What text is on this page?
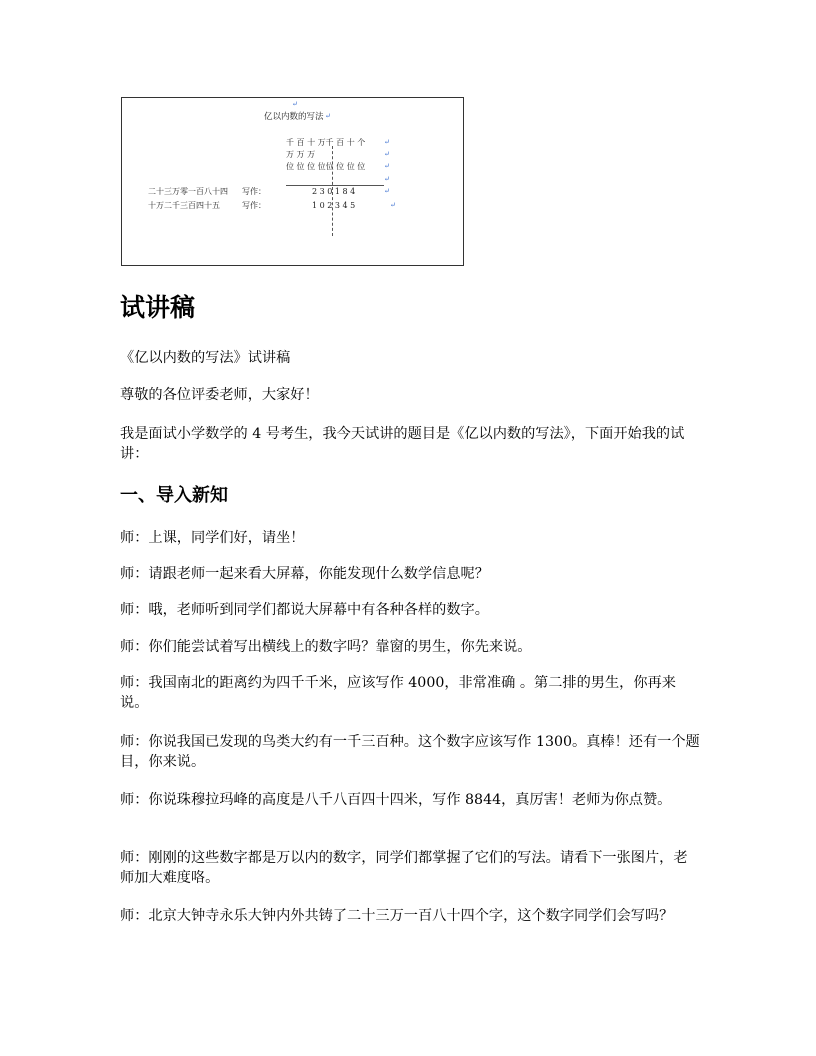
↵
亿以内数的写法 ↵
千 百 十 万千 百 十 个	↵
万 万 万	↵
位 位 位 位位 位 位 位	↵
↵
二十三万零一百八十四 写作：	2 3 0 1 8 4	↵
十万二千三百四十五	写作：	1 0 2 3 4 5	↵
试讲稿

《亿以内数的写法》试讲稿

尊敬的各位评委老师，大家好！

我是面试小学数学的 4 号考生，我今天试讲的题目是《亿以内数的写法》，下面开始我的试讲：

一、导入新知

师：上课，同学们好，请坐！

师：请跟老师一起来看大屏幕，你能发现什么数学信息呢？

师：哦，老师听到同学们都说大屏幕中有各种各样的数字。

师：你们能尝试着写出横线上的数字吗？靠窗的男生，你先来说。

师：我国南北的距离约为四千千米，应该写作 4000，非常准确 。第二排的男生，你再来说。

师：你说我国已发现的鸟类大约有一千三百种。这个数字应该写作 1300。真棒！还有一个题目，你来说。

师：你说珠穆拉玛峰的高度是八千八百四十四米，写作 8844，真厉害！老师为你点赞。

师：刚刚的这些数字都是万以内的数字，同学们都掌握了它们的写法。请看下一张图片，老师加大难度咯。

师：北京大钟寺永乐大钟内外共铸了二十三万一百八十四个字，这个数字同学们会写吗？
